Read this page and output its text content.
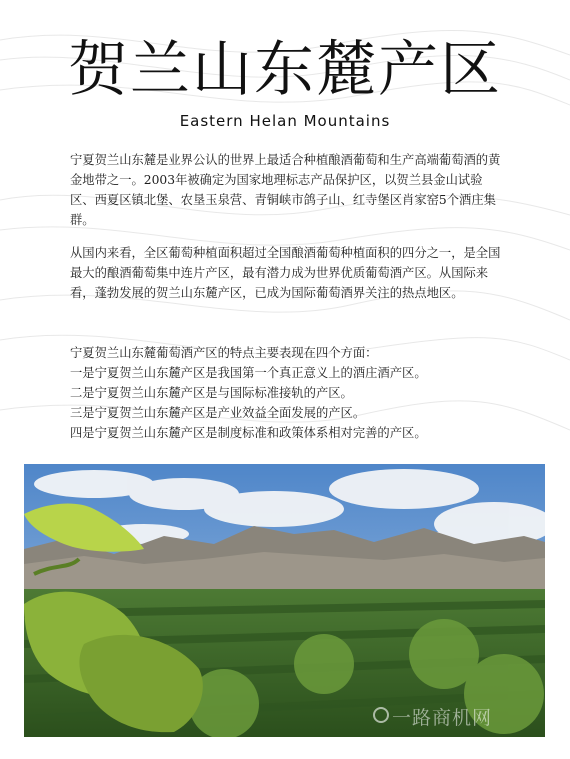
贺兰山东麓产区
Eastern Helan Mountains

宁夏贺兰山东麓是业界公认的世界上最适合种植酿酒葡萄和生产高端葡萄酒的黄金地带之一。2003年被确定为国家地理标志产品保护区，以贺兰县金山试验区、西夏区镇北堡、农垦玉泉营、青铜峡市鸽子山、红寺堡区肖家窑5个酒庄集群。

从国内来看，全区葡萄种植面积超过全国酿酒葡萄种植面积的四分之一，是全国最大的酿酒葡萄集中连片产区，最有潜力成为世界优质葡萄酒产区。从国际来看，蓬勃发展的贺兰山东麓产区，已成为国际葡萄酒界关注的热点地区。

宁夏贺兰山东麓葡萄酒产区的特点主要表现在四个方面：
一是宁夏贺兰山东麓产区是我国第一个真正意义上的酒庄酒产区。
二是宁夏贺兰山东麓产区是与国际标准接轨的产区。
三是宁夏贺兰山东麓产区是产业效益全面发展的产区。
四是宁夏贺兰山东麓产区是制度标准和政策体系相对完善的产区。
一路商机网
